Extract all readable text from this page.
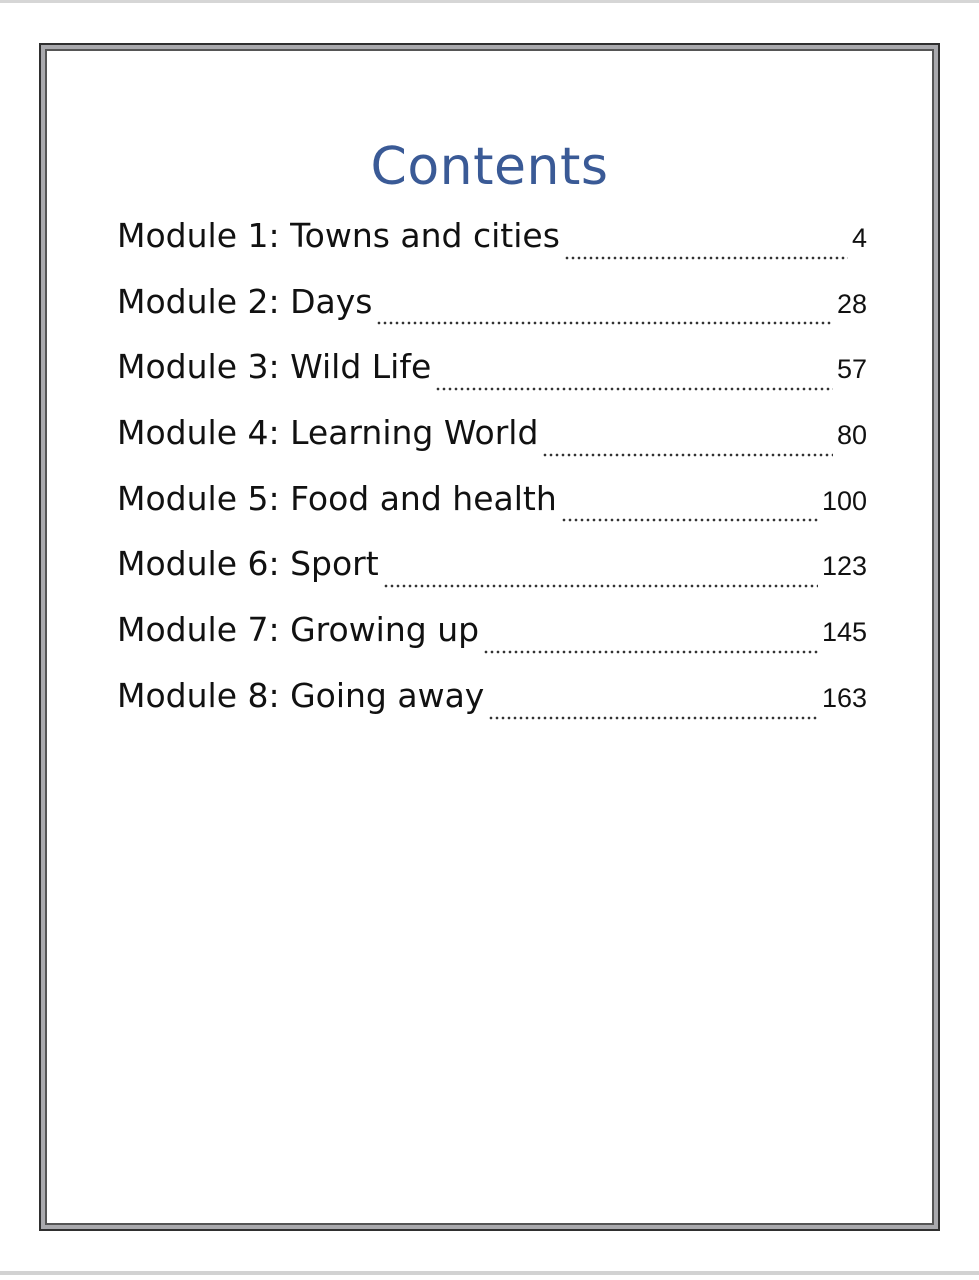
Contents
Module 1: Towns and cities	4
Module 2: Days	28
Module 3: Wild Life	57
Module 4: Learning World	80
Module 5: Food and health	100
Module 6: Sport	123
Module 7: Growing up	145
Module 8: Going away	163
